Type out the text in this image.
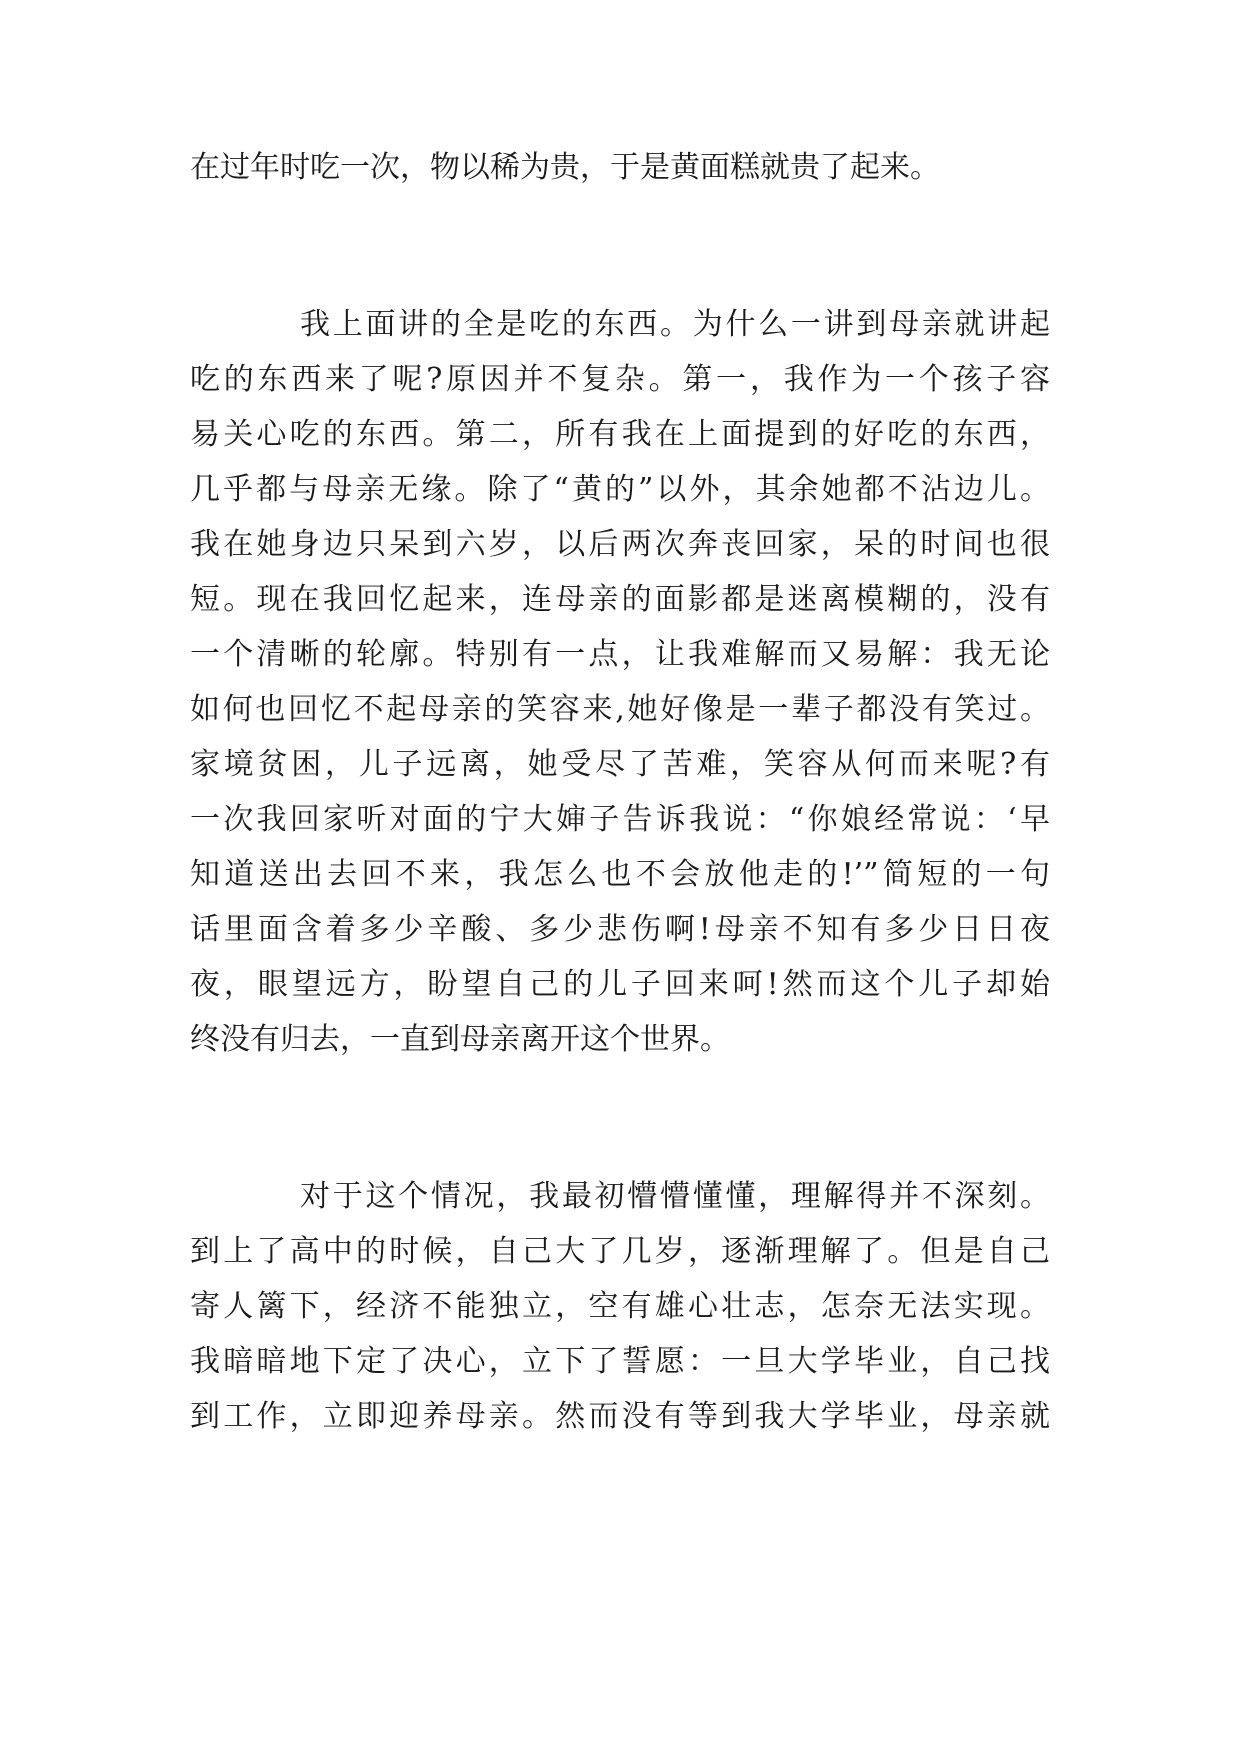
在过年时吃一次，物以稀为贵，于是黄面糕就贵了起来。

我上面讲的全是吃的东西。为什么一讲到母亲就讲起

吃的东西来了呢?原因并不复杂。第一，我作为一个孩子容

易关心吃的东西。第二，所有我在上面提到的好吃的东西，

几乎都与母亲无缘。除了“黄的”以外，其余她都不沾边儿。

我在她身边只呆到六岁，以后两次奔丧回家，呆的时间也很

短。现在我回忆起来，连母亲的面影都是迷离模糊的，没有

一个清晰的轮廓。特别有一点，让我难解而又易解：我无论

如何也回忆不起母亲的笑容来,她好像是一辈子都没有笑过。

家境贫困，儿子远离，她受尽了苦难，笑容从何而来呢?有

一次我回家听对面的宁大婶子告诉我说：“你娘经常说：‘早

知道送出去回不来，我怎么也不会放他走的!’”简短的一句

话里面含着多少辛酸、多少悲伤啊!母亲不知有多少日日夜

夜，眼望远方，盼望自己的儿子回来呵!然而这个儿子却始

终没有归去，一直到母亲离开这个世界。

对于这个情况，我最初懵懵懂懂，理解得并不深刻。

到上了高中的时候，自己大了几岁，逐渐理解了。但是自己

寄人篱下，经济不能独立，空有雄心壮志，怎奈无法实现。

我暗暗地下定了决心，立下了誓愿：一旦大学毕业，自己找

到工作，立即迎养母亲。然而没有等到我大学毕业，母亲就
